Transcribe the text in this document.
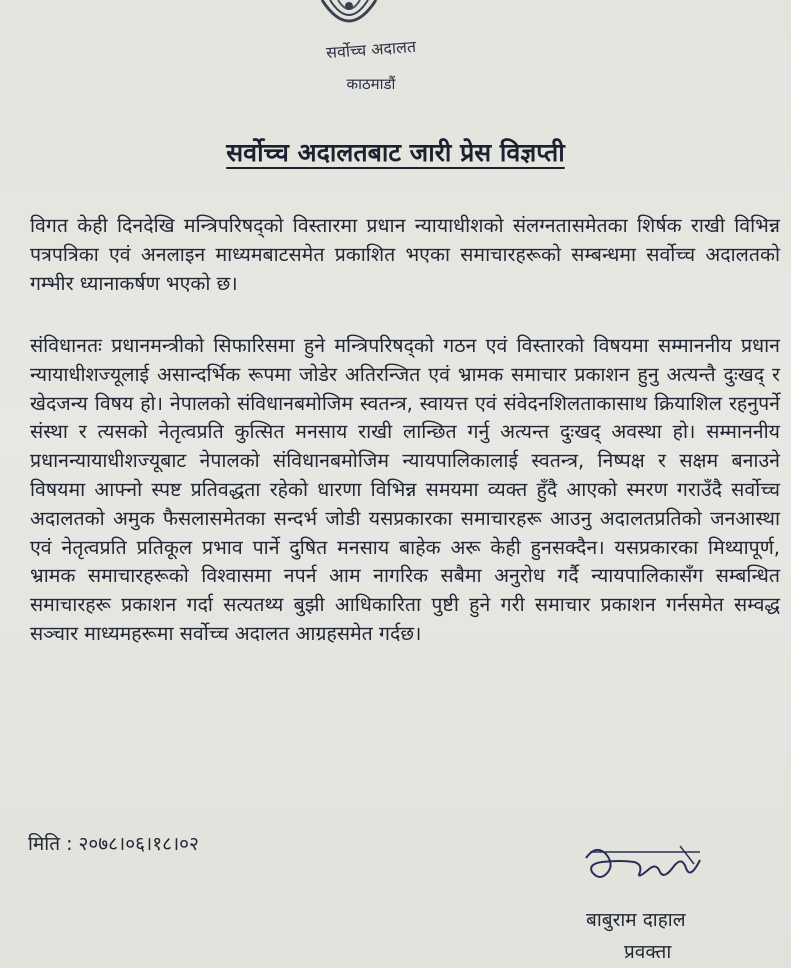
सर्वोच्च अदालत
काठमाडौं
सर्वोच्च अदालतबाट जारी प्रेस विज्ञप्ती
विगत केही दिनदेखि मन्त्रिपरिषद्को विस्तारमा प्रधान न्यायाधीशको संलग्नतासमेतका शिर्षक राखी विभिन्न पत्रपत्रिका एवं अनलाइन माध्यमबाटसमेत प्रकाशित भएका समाचारहरूको सम्बन्धमा सर्वोच्च अदालतको गम्भीर ध्यानाकर्षण भएको छ।
संविधानतः प्रधानमन्त्रीको सिफारिसमा हुने मन्त्रिपरिषद्को गठन एवं विस्तारको विषयमा सम्माननीय प्रधान न्यायाधीशज्यूलाई असान्दर्भिक रूपमा जोडेर अतिरन्जित एवं भ्रामक समाचार प्रकाशन हुनु अत्यन्तै दुःखद् र खेदजन्य विषय हो। नेपालको संविधानबमोजिम स्वतन्त्र, स्वायत्त एवं संवेदनशिलताकासाथ क्रियाशिल रहनुपर्ने संस्था र त्यसको नेतृत्वप्रति कुत्सित मनसाय राखी लान्छित गर्नु अत्यन्त दुःखद् अवस्था हो। सम्माननीय प्रधानन्यायाधीशज्यूबाट नेपालको संविधानबमोजिम न्यायपालिकालाई स्वतन्त्र, निष्पक्ष र सक्षम बनाउने विषयमा आफ्नो स्पष्ट प्रतिवद्धता रहेको धारणा विभिन्न समयमा व्यक्त हुँदै आएको स्मरण गराउँदै सर्वोच्च अदालतको अमुक फैसलासमेतका सन्दर्भ जोडी यसप्रकारका समाचारहरू आउनु अदालतप्रतिको जनआस्था एवं नेतृत्वप्रति प्रतिकूल प्रभाव पार्ने दुषित मनसाय बाहेक अरू केही हुनसक्दैन। यसप्रकारका मिथ्यापूर्ण, भ्रामक समाचारहरूको विश्वासमा नपर्न आम नागरिक सबैमा अनुरोध गर्दै न्यायपालिकासँग सम्बन्धित समाचारहरू प्रकाशन गर्दा सत्यतथ्य बुझी आधिकारिता पुष्टी हुने गरी समाचार प्रकाशन गर्नसमेत सम्वद्ध सञ्चार माध्यमहरूमा सर्वोच्च अदालत आग्रहसमेत गर्दछ।
मिति : २०७८।०६।१८।०२
बाबुराम दाहाल
प्रवक्ता
